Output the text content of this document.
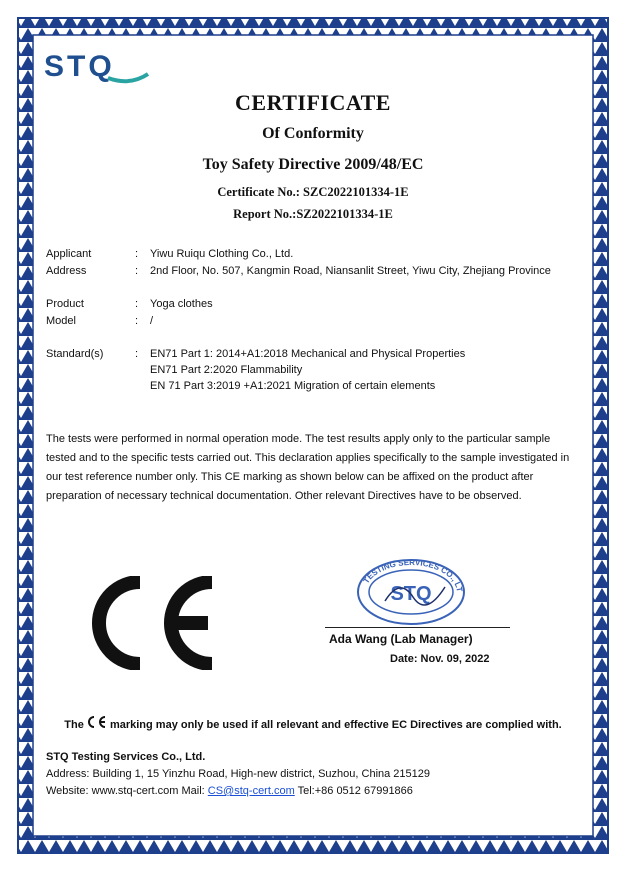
STQ
CERTIFICATE
Of Conformity
Toy Safety Directive 2009/48/EC
Certificate No.: SZC2022101334-1E
Report No.:SZ2022101334-1E
Applicant	: Yiwu Ruiqu Clothing Co., Ltd.
Address	: 2nd Floor, No. 507, Kangmin Road, Niansanlit Street, Yiwu City, Zhejiang Province
Product	: Yoga clothes
Model	: /
Standard(s)	: EN71 Part 1: 2014+A1:2018 Mechanical and Physical Properties
EN71 Part 2:2020 Flammability
EN 71 Part 3:2019 +A1:2021 Migration of certain elements
The tests were performed in normal operation mode. The test results apply only to the particular sample
tested and to the specific tests carried out. This declaration applies specifically to the sample investigated in
our test reference number only. This CE marking as shown below can be affixed on the product after
preparation of necessary technical documentation. Other relevant Directives have to be observed.
TESTING SERVICES CO., LT
STQ
Ada Wang (Lab Manager)
Date: Nov. 09, 2022
The marking may only be used if all relevant and effective EC Directives are complied with.
STQ Testing Services Co., Ltd.
Address: Building 1, 15 Yinzhu Road, High-new district, Suzhou, China 215129
Website: www.stq-cert.com Mail: CS@stq-cert.com Tel:+86 0512 67991866
